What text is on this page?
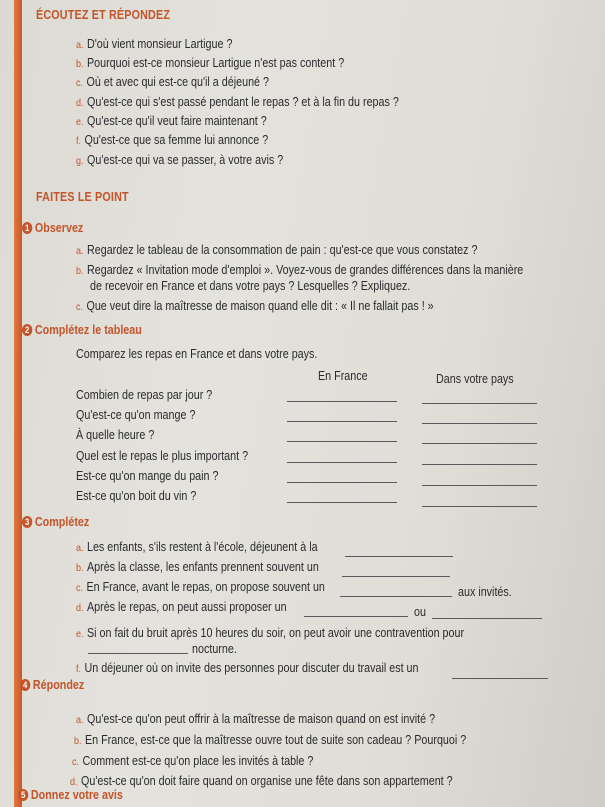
ÉCOUTEZ ET RÉPONDEZ
a. D'où vient monsieur Lartigue ?
b. Pourquoi est-ce monsieur Lartigue n'est pas content ?
c. Où et avec qui est-ce qu'il a déjeuné ?
d. Qu'est-ce qui s'est passé pendant le repas ? et à la fin du repas ?
e. Qu'est-ce qu'il veut faire maintenant ?
f. Qu'est-ce que sa femme lui annonce ?
g. Qu'est-ce qui va se passer, à votre avis ?
FAITES LE POINT
1 Observez
a. Regardez le tableau de la consommation de pain : qu'est-ce que vous constatez ?
b. Regardez « Invitation mode d'emploi ». Voyez-vous de grandes différences dans la manière
de recevoir en France et dans votre pays ? Lesquelles ? Expliquez.
c. Que veut dire la maîtresse de maison quand elle dit : « Il ne fallait pas ! »
2 Complétez le tableau
Comparez les repas en France et dans votre pays.
En France	Dans votre pays
Combien de repas par jour ?
Qu'est-ce qu'on mange ?
À quelle heure ?
Quel est le repas le plus important ?
Est-ce qu'on mange du pain ?
Est-ce qu'on boit du vin ?
3 Complétez
a. Les enfants, s'ils restent à l'école, déjeunent à la
b. Après la classe, les enfants prennent souvent un
c. En France, avant le repas, on propose souvent un	aux invités.
d. Après le repas, on peut aussi proposer un	ou
e. Si on fait du bruit après 10 heures du soir, on peut avoir une contravention pour
nocturne.
f. Un déjeuner où on invite des personnes pour discuter du travail est un
4 Répondez
a. Qu'est-ce qu'on peut offrir à la maîtresse de maison quand on est invité ?
b. En France, est-ce que la maîtresse ouvre tout de suite son cadeau ? Pourquoi ?
c. Comment est-ce qu'on place les invités à table ?
d. Qu'est-ce qu'on doit faire quand on organise une fête dans son appartement ?
5 Donnez votre avis
